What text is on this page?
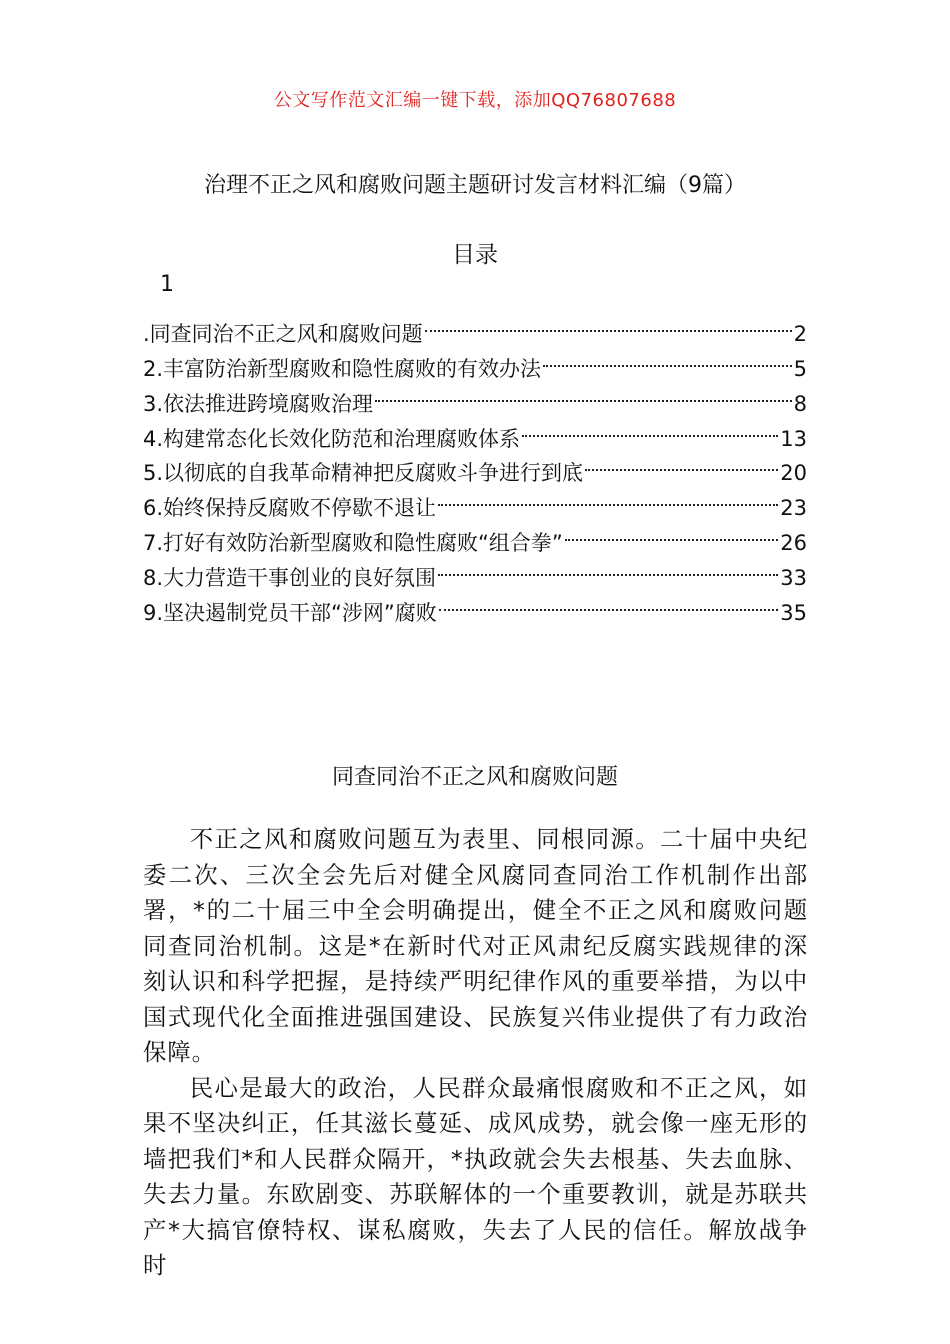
公文写作范文汇编一键下载，添加QQ76807688
治理不正之风和腐败问题主题研讨发言材料汇编（9篇）
目录
1
.同查同治不正之风和腐败问题	2
2.丰富防治新型腐败和隐性腐败的有效办法	5
3.依法推进跨境腐败治理	8
4.构建常态化长效化防范和治理腐败体系	13
5.以彻底的自我革命精神把反腐败斗争进行到底	20
6.始终保持反腐败不停歇不退让	23
7.打好有效防治新型腐败和隐性腐败“组合拳”	26
8.大力营造干事创业的良好氛围	33
9.坚决遏制党员干部“涉网”腐败	35
同查同治不正之风和腐败问题

不正之风和腐败问题互为表里、同根同源。二十届中央纪委二次、三次全会先后对健全风腐同查同治工作机制作出部署，*的二十届三中全会明确提出，健全不正之风和腐败问题同查同治机制。这是*在新时代对正风肃纪反腐实践规律的深刻认识和科学把握，是持续严明纪律作风的重要举措，为以中国式现代化全面推进强国建设、民族复兴伟业提供了有力政治保障。

民心是最大的政治，人民群众最痛恨腐败和不正之风，如果不坚决纠正，任其滋长蔓延、成风成势，就会像一座无形的墙把我们*和人民群众隔开，*执政就会失去根基、失去血脉、失去力量。东欧剧变、苏联解体的一个重要教训，就是苏联共产*大搞官僚特权、谋私腐败，失去了人民的信任。解放战争时
